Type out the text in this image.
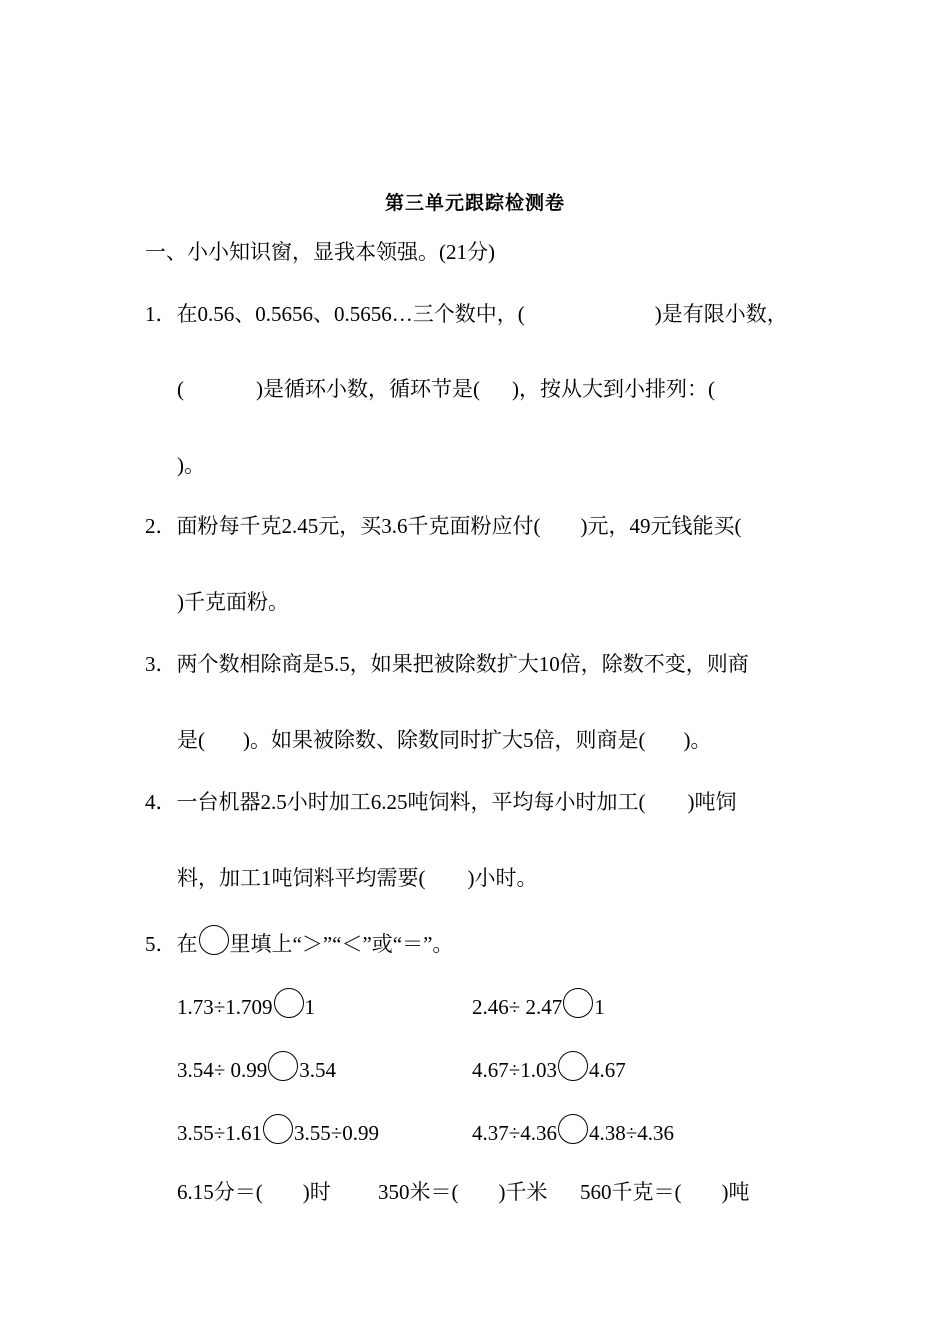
第三单元跟踪检测卷
一、小小知识窗，显我本领强。(21分)
1．在0.56、0.5656、0.5656…三个数中，(	)是有限小数，
(	)是循环小数，循环节是( )，按从大到小排列：(
)。
2．面粉每千克2.45元，买3.6千克面粉应付( )元，49元钱能买(
)千克面粉。
3．两个数相除商是5.5，如果把被除数扩大10倍，除数不变，则商
是( )。如果被除数、除数同时扩大5倍，则商是( )。
4．一台机器2.5小时加工6.25吨饲料，平均每小时加工( )吨饲
料，加工1吨饲料平均需要( )小时。
5．在 里填上“＞”“＜”或“＝”。
1.73÷1.709 1	2.46÷ 2.47 1
3.54÷ 0.99 3.54	4.67÷1.03 4.67
3.55÷1.61 3.55÷0.99	4.37÷4.36 4.38÷4.36
6.15分＝( )时 350米＝( )千米 560千克＝( )吨
